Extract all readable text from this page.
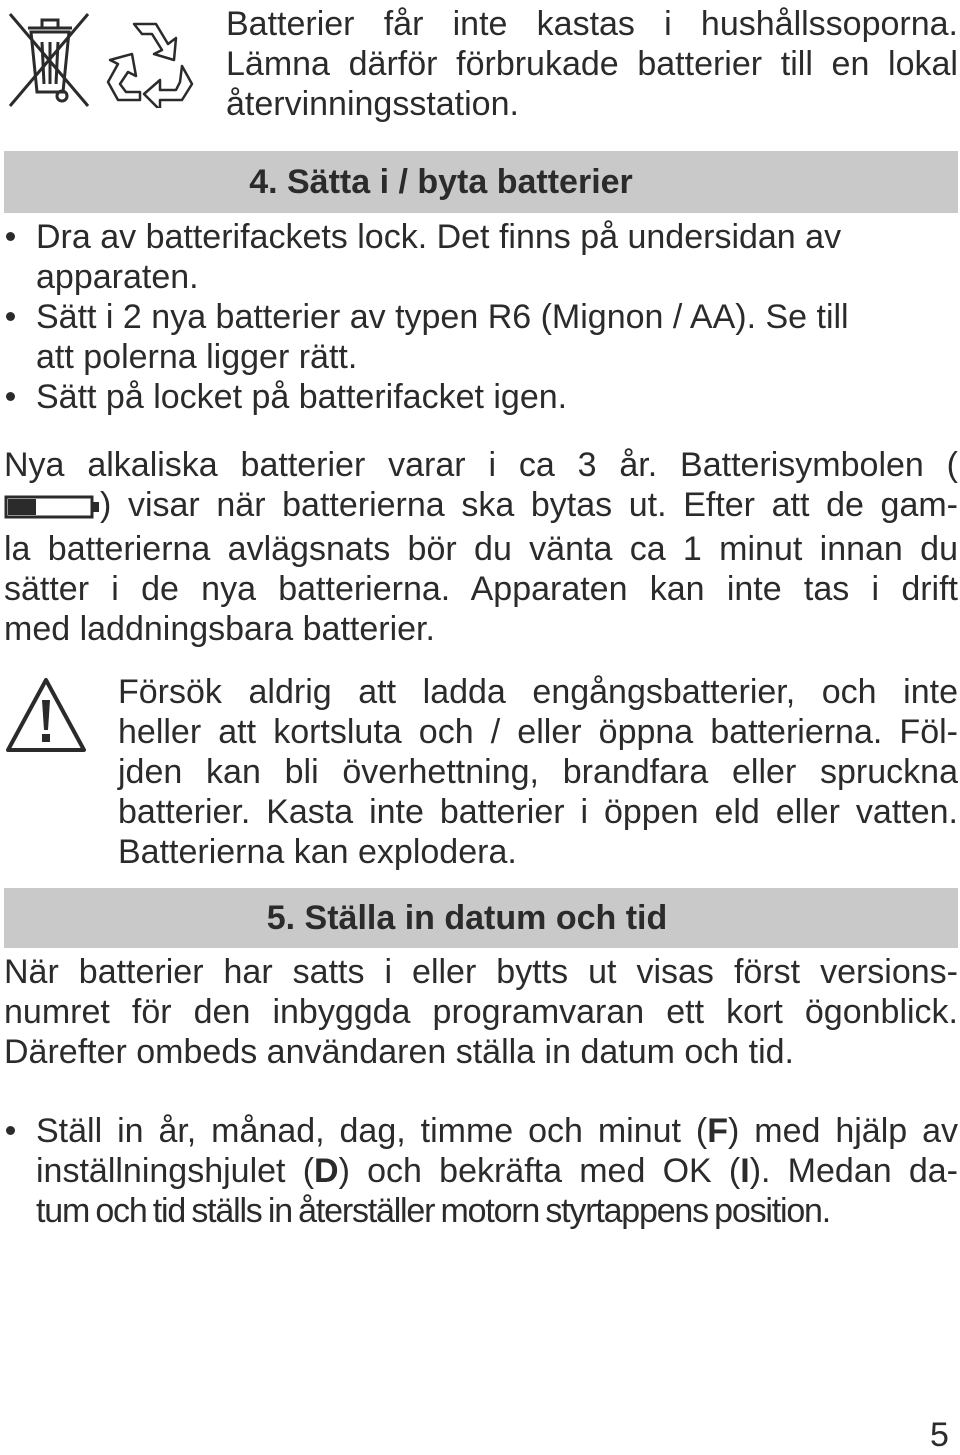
Batterier får inte kastas i hushållssoporna.
Lämna därför förbrukade batterier till en lokal
återvinningsstation.
4. Sätta i / byta batterier
Dra av batterifackets lock. Det finns på undersidan av
apparaten.
Sätt i 2 nya batterier av typen R6 (Mignon / AA). Se till
att polerna ligger rätt.
Sätt på locket på batterifacket igen.
Nya alkaliska batterier varar i ca 3 år. Batterisymbolen (
) visar när batterierna ska bytas ut. Efter att de gam-
la batterierna avlägsnats bör du vänta ca 1 minut innan du
sätter i de nya batterierna. Apparaten kan inte tas i drift
med laddningsbara batterier.
Försök aldrig att ladda engångsbatterier, och inte
heller att kortsluta och / eller öppna batterierna. Föl-
jden kan bli överhettning, brandfara eller spruckna
batterier. Kasta inte batterier i öppen eld eller vatten.
Batterierna kan explodera.
5. Ställa in datum och tid
När batterier har satts i eller bytts ut visas först versions-
numret för den inbyggda programvaran ett kort ögonblick.
Därefter ombeds användaren ställa in datum och tid.
Ställ in år, månad, dag, timme och minut (F) med hjälp av
inställningshjulet (D) och bekräfta med OK (I). Medan da-
tum och tid ställs in återställer motorn styrtappens position.
5
